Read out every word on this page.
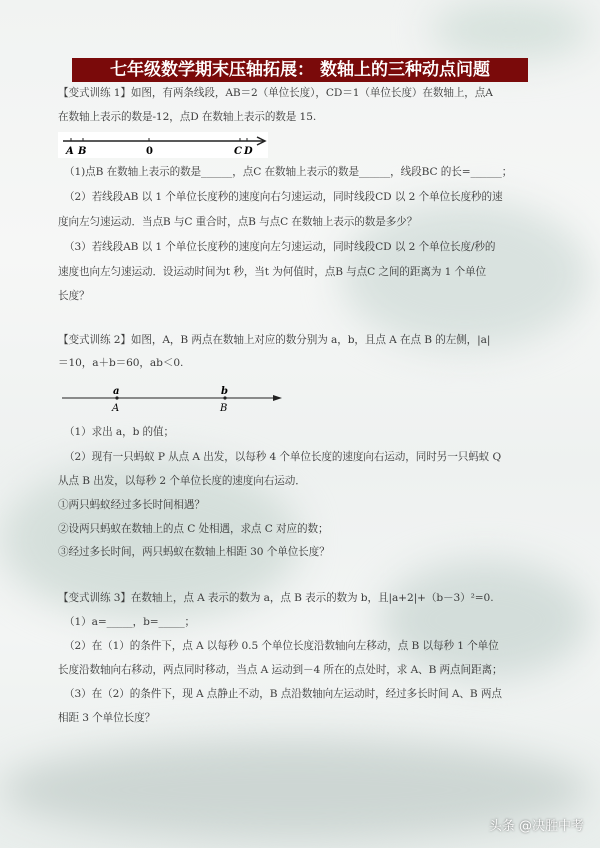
七年级数学期末压轴拓展： 数轴上的三种动点问题
【变式训练 1】如图，有两条线段，AB＝2（单位长度），CD＝1（单位长度）在数轴上，点A
在数轴上表示的数是-12，点D 在数轴上表示的数是 15.
A B	0	C D
（1)点B 在数轴上表示的数是______，点C 在数轴上表示的数是______，线段BC 的长=______；
（2）若线段AB 以 1 个单位长度秒的速度向右匀速运动，同时线段CD 以 2 个单位长度秒的速
度向左匀速运动．当点B 与C 重合时，点B 与点C 在数轴上表示的数是多少？
（3）若线段AB 以 1 个单位长度秒的速度向左匀速运动，同时线段CD 以 2 个单位长度/秒的
速度也向左匀速运动．设运动时间为t 秒，当t 为何值时，点B 与点C 之间的距离为 1 个单位
长度？
【变式训练 2】如图，A，B 两点在数轴上对应的数分别为 a，b，且点 A 在点 B 的左侧，|a|
＝10，a＋b＝60，ab＜0.
a	b
A	B
（1）求出 a，b 的值；
（2）现有一只蚂蚁 P 从点 A 出发，以每秒 4 个单位长度的速度向右运动，同时另一只蚂蚁 Q
从点 B 出发，以每秒 2 个单位长度的速度向右运动．
①两只蚂蚁经过多长时间相遇？
②设两只蚂蚁在数轴上的点 C 处相遇，求点 C 对应的数；
③经过多长时间，两只蚂蚁在数轴上相距 30 个单位长度？
【变式训练 3】在数轴上，点 A 表示的数为 a，点 B 表示的数为 b，且|a+2|+（b－3）²=0.
（1）a=_____，b=_____；
（2）在（1）的条件下，点 A 以每秒 0.5 个单位长度沿数轴向左移动，点 B 以每秒 1 个单位
长度沿数轴向右移动，两点同时移动，当点 A 运动到－4 所在的点处时，求 A、B 两点间距离；
（3）在（2）的条件下，现 A 点静止不动，B 点沿数轴向左运动时，经过多长时间 A、B 两点
相距 3 个单位长度？
头条 @决胜中考
